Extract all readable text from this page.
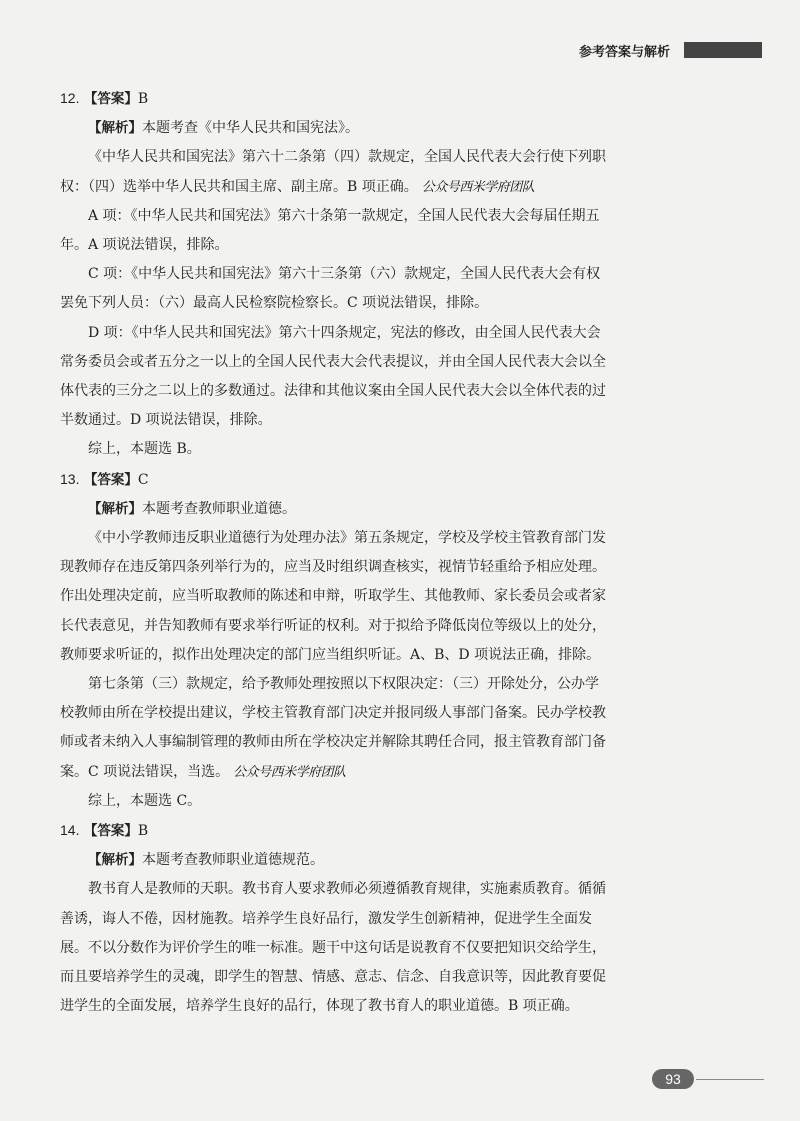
参考答案与解析
12. 【答案】B
【解析】本题考查《中华人民共和国宪法》。
《中华人民共和国宪法》第六十二条第（四）款规定，全国人民代表大会行使下列职
权：（四）选举中华人民共和国主席、副主席。B 项正确。 公众号西米学府团队
A 项：《中华人民共和国宪法》第六十条第一款规定，全国人民代表大会每届任期五
年。A 项说法错误，排除。
C 项：《中华人民共和国宪法》第六十三条第（六）款规定，全国人民代表大会有权
罢免下列人员：（六）最高人民检察院检察长。C 项说法错误，排除。
D 项：《中华人民共和国宪法》第六十四条规定，宪法的修改，由全国人民代表大会
常务委员会或者五分之一以上的全国人民代表大会代表提议，并由全国人民代表大会以全
体代表的三分之二以上的多数通过。法律和其他议案由全国人民代表大会以全体代表的过
半数通过。D 项说法错误，排除。
综上，本题选 B。
13. 【答案】C
【解析】本题考查教师职业道德。
《中小学教师违反职业道德行为处理办法》第五条规定，学校及学校主管教育部门发
现教师存在违反第四条列举行为的，应当及时组织调查核实，视情节轻重给予相应处理。
作出处理决定前，应当听取教师的陈述和申辩，听取学生、其他教师、家长委员会或者家
长代表意见，并告知教师有要求举行听证的权利。对于拟给予降低岗位等级以上的处分，
教师要求听证的，拟作出处理决定的部门应当组织听证。A、B、D 项说法正确，排除。
第七条第（三）款规定，给予教师处理按照以下权限决定：（三）开除处分，公办学
校教师由所在学校提出建议，学校主管教育部门决定并报同级人事部门备案。民办学校教
师或者未纳入人事编制管理的教师由所在学校决定并解除其聘任合同，报主管教育部门备
案。C 项说法错误，当选。 公众号西米学府团队
综上，本题选 C。
14. 【答案】B
【解析】本题考查教师职业道德规范。
教书育人是教师的天职。教书育人要求教师必须遵循教育规律，实施素质教育。循循
善诱，诲人不倦，因材施教。培养学生良好品行，激发学生创新精神，促进学生全面发
展。不以分数作为评价学生的唯一标准。题干中这句话是说教育不仅要把知识交给学生，
而且要培养学生的灵魂，即学生的智慧、情感、意志、信念、自我意识等，因此教育要促
进学生的全面发展，培养学生良好的品行，体现了教书育人的职业道德。B 项正确。
93
